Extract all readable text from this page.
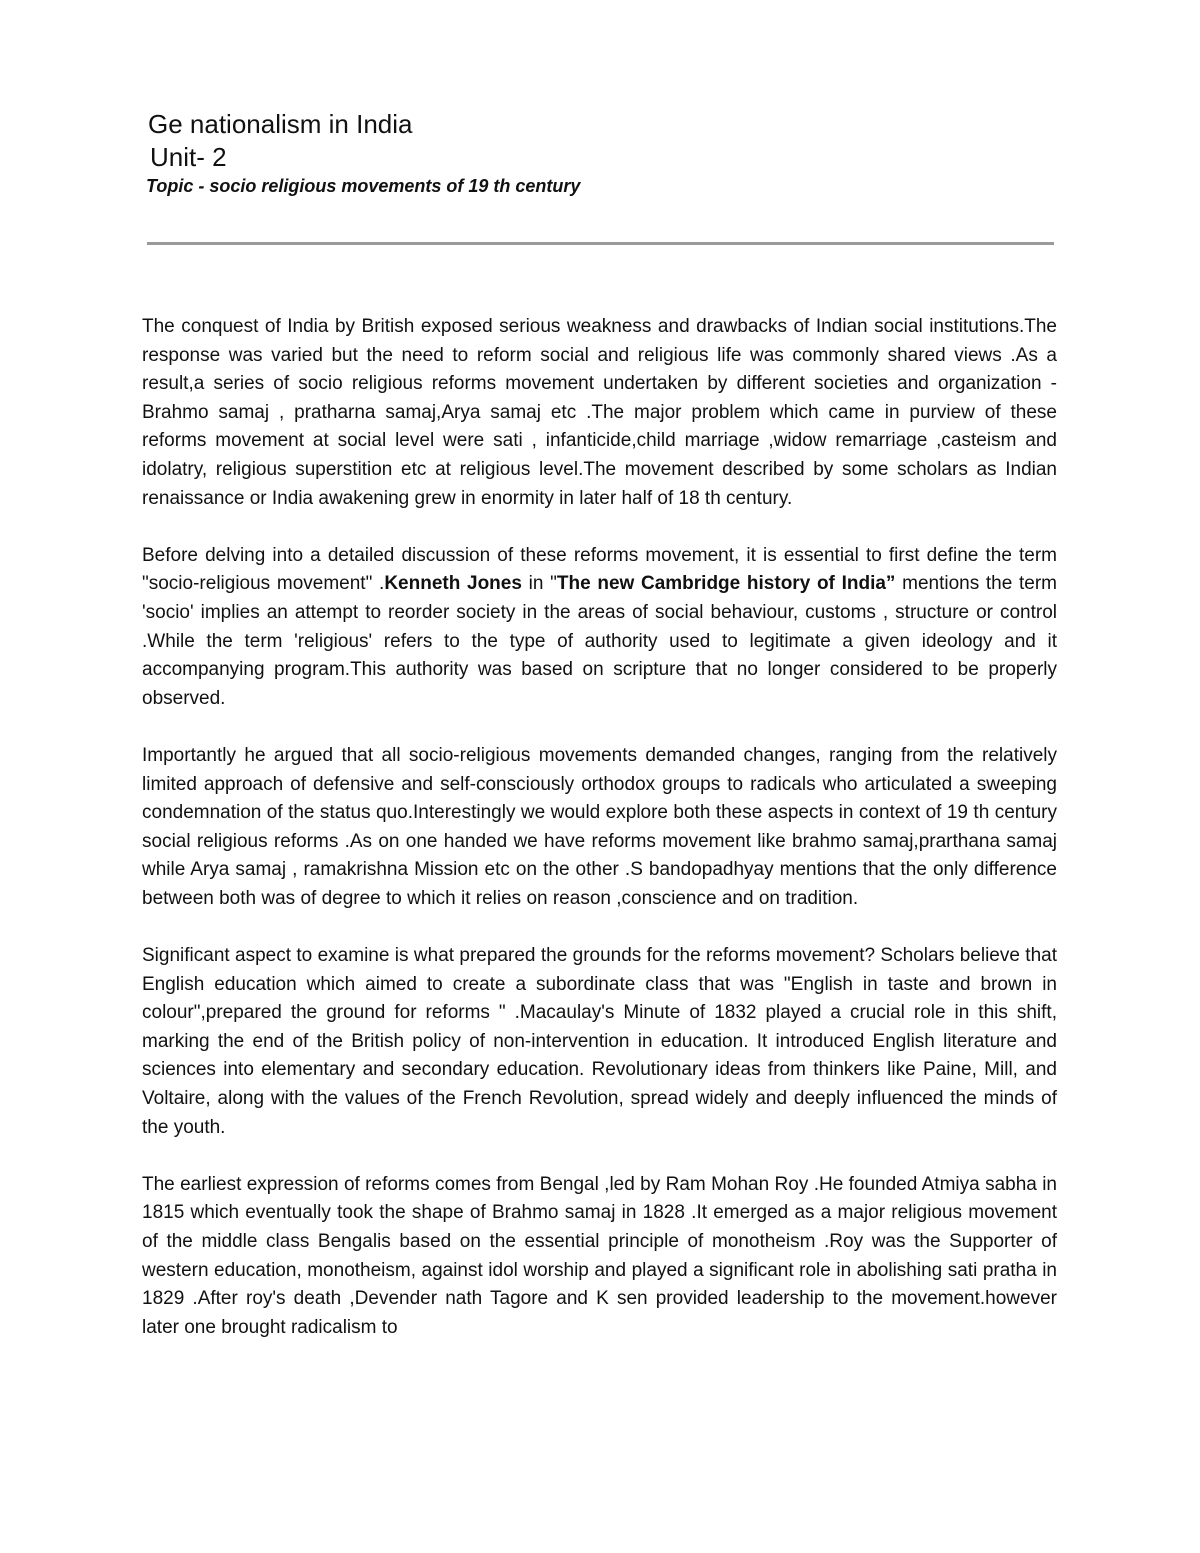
Ge nationalism in India
Unit- 2
Topic - socio religious movements of 19 th century

The conquest of India by British exposed serious weakness and drawbacks of Indian social institutions.The response was varied but the need to reform social and religious life was commonly shared views .As a result,a series of socio religious reforms movement undertaken by different societies and organization - Brahmo samaj , pratharna samaj,Arya samaj etc .The major problem which came in purview of these reforms movement at social level were sati , infanticide,child marriage ,widow remarriage ,casteism and idolatry, religious superstition etc at religious level.The movement described by some scholars as Indian renaissance or India awakening grew in enormity in later half of 18 th century.

Before delving into a detailed discussion of these reforms movement, it is essential to first define the term "socio-religious movement" .Kenneth Jones in "The new Cambridge history of India” mentions the term 'socio' implies an attempt to reorder society in the areas of social behaviour, customs , structure or control .While the term 'religious' refers to the type of authority used to legitimate a given ideology and it accompanying program.This authority was based on scripture that no longer considered to be properly observed.

Importantly he argued that all socio-religious movements demanded changes, ranging from the relatively limited approach of defensive and self-consciously orthodox groups to radicals who articulated a sweeping condemnation of the status quo.Interestingly we would explore both these aspects in context of 19 th century social religious reforms .As on one handed we have reforms movement like brahmo samaj,prarthana samaj while Arya samaj , ramakrishna Mission etc on the other .S bandopadhyay mentions that the only difference between both was of degree to which it relies on reason ,conscience and on tradition.

Significant aspect to examine is what prepared the grounds for the reforms movement? Scholars believe that English education which aimed to create a subordinate class that was "English in taste and brown in colour",prepared the ground for reforms " .Macaulay's Minute of 1832 played a crucial role in this shift, marking the end of the British policy of non-intervention in education. It introduced English literature and sciences into elementary and secondary education. Revolutionary ideas from thinkers like Paine, Mill, and Voltaire, along with the values of the French Revolution, spread widely and deeply influenced the minds of the youth.

The earliest expression of reforms comes from Bengal ,led by Ram Mohan Roy .He founded Atmiya sabha in 1815 which eventually took the shape of Brahmo samaj in 1828 .It emerged as a major religious movement of the middle class Bengalis based on the essential principle of monotheism .Roy was the Supporter of western education, monotheism, against idol worship and played a significant role in abolishing sati pratha in 1829 .After roy's death ,Devender nath Tagore and K sen provided leadership to the movement.however later one brought radicalism to
